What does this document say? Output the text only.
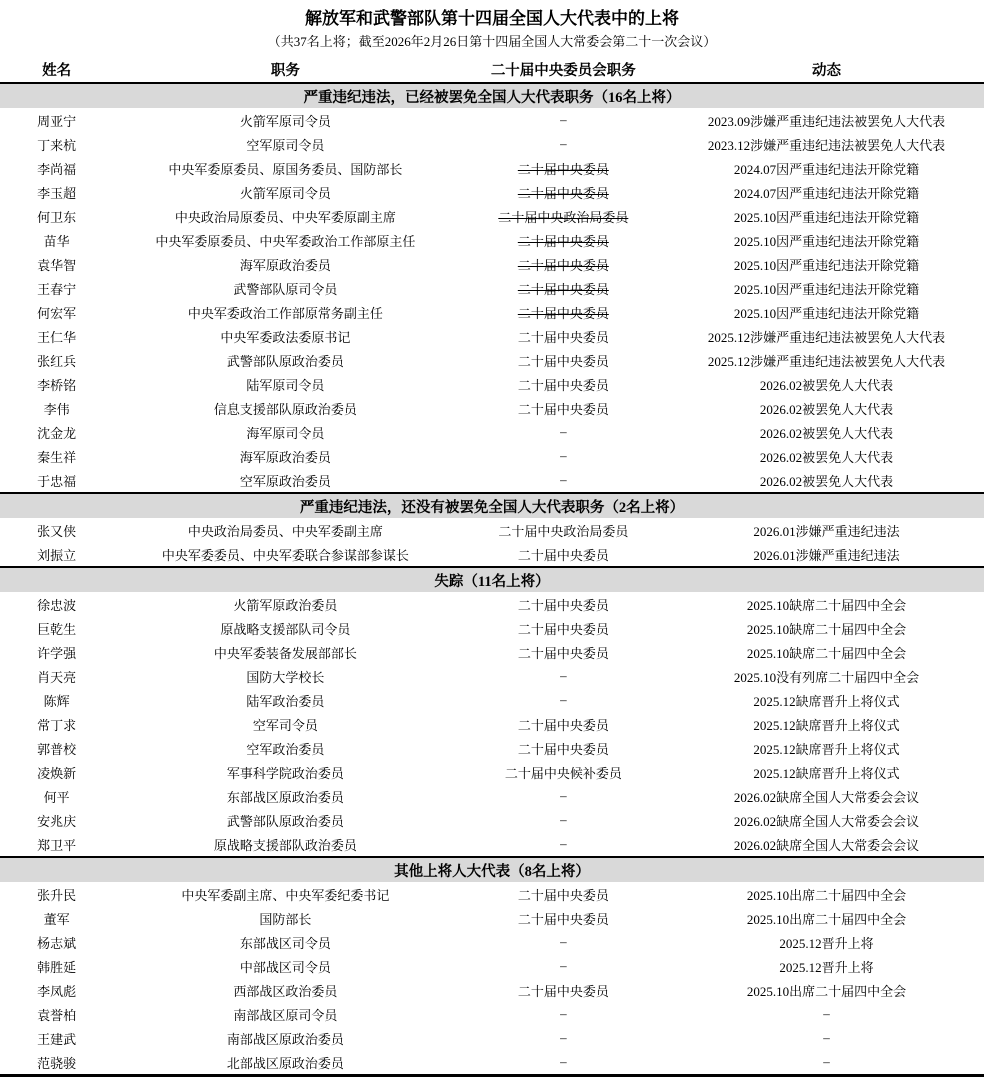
解放军和武警部队第十四届全国人大代表中的上将
（共37名上将；截至2026年2月26日第十四届全国人大常委会第二十一次会议）
姓名	职务	二十届中央委员会职务	动态
严重违纪违法，已经被罢免全国人大代表职务（16名上将）			
周亚宁	火箭军原司令员	–	2023.09涉嫌严重违纪违法被罢免人大代表
丁来杭	空军原司令员	–	2023.12涉嫌严重违纪违法被罢免人大代表
李尚福	中央军委原委员、原国务委员、国防部长	二十届中央委员	2024.07因严重违纪违法开除党籍
李玉超	火箭军原司令员	二十届中央委员	2024.07因严重违纪违法开除党籍
何卫东	中央政治局原委员、中央军委原副主席	二十届中央政治局委员	2025.10因严重违纪违法开除党籍
苗华	中央军委原委员、中央军委政治工作部原主任	二十届中央委员	2025.10因严重违纪违法开除党籍
袁华智	海军原政治委员	二十届中央委员	2025.10因严重违纪违法开除党籍
王春宁	武警部队原司令员	二十届中央委员	2025.10因严重违纪违法开除党籍
何宏军	中央军委政治工作部原常务副主任	二十届中央委员	2025.10因严重违纪违法开除党籍
王仁华	中央军委政法委原书记	二十届中央委员	2025.12涉嫌严重违纪违法被罢免人大代表
张红兵	武警部队原政治委员	二十届中央委员	2025.12涉嫌严重违纪违法被罢免人大代表
李桥铭	陆军原司令员	二十届中央委员	2026.02被罢免人大代表
李伟	信息支援部队原政治委员	二十届中央委员	2026.02被罢免人大代表
沈金龙	海军原司令员	–	2026.02被罢免人大代表
秦生祥	海军原政治委员	–	2026.02被罢免人大代表
于忠福	空军原政治委员	–	2026.02被罢免人大代表
严重违纪违法，还没有被罢免全国人大代表职务（2名上将）			
张又侠	中央政治局委员、中央军委副主席	二十届中央政治局委员	2026.01涉嫌严重违纪违法
刘振立	中央军委委员、中央军委联合参谋部参谋长	二十届中央委员	2026.01涉嫌严重违纪违法
失踪（11名上将）			
徐忠波	火箭军原政治委员	二十届中央委员	2025.10缺席二十届四中全会
巨乾生	原战略支援部队司令员	二十届中央委员	2025.10缺席二十届四中全会
许学强	中央军委装备发展部部长	二十届中央委员	2025.10缺席二十届四中全会
肖天亮	国防大学校长	–	2025.10没有列席二十届四中全会
陈辉	陆军政治委员	–	2025.12缺席晋升上将仪式
常丁求	空军司令员	二十届中央委员	2025.12缺席晋升上将仪式
郭普校	空军政治委员	二十届中央委员	2025.12缺席晋升上将仪式
凌焕新	军事科学院政治委员	二十届中央候补委员	2025.12缺席晋升上将仪式
何平	东部战区原政治委员	–	2026.02缺席全国人大常委会会议
安兆庆	武警部队原政治委员	–	2026.02缺席全国人大常委会会议
郑卫平	原战略支援部队政治委员	–	2026.02缺席全国人大常委会会议
其他上将人大代表（8名上将）			
张升民	中央军委副主席、中央军委纪委书记	二十届中央委员	2025.10出席二十届四中全会
董军	国防部长	二十届中央委员	2025.10出席二十届四中全会
杨志斌	东部战区司令员	–	2025.12晋升上将
韩胜延	中部战区司令员	–	2025.12晋升上将
李凤彪	西部战区政治委员	二十届中央委员	2025.10出席二十届四中全会
袁誉柏	南部战区原司令员	–	–
王建武	南部战区原政治委员	–	–
范骁骏	北部战区原政治委员	–	–
